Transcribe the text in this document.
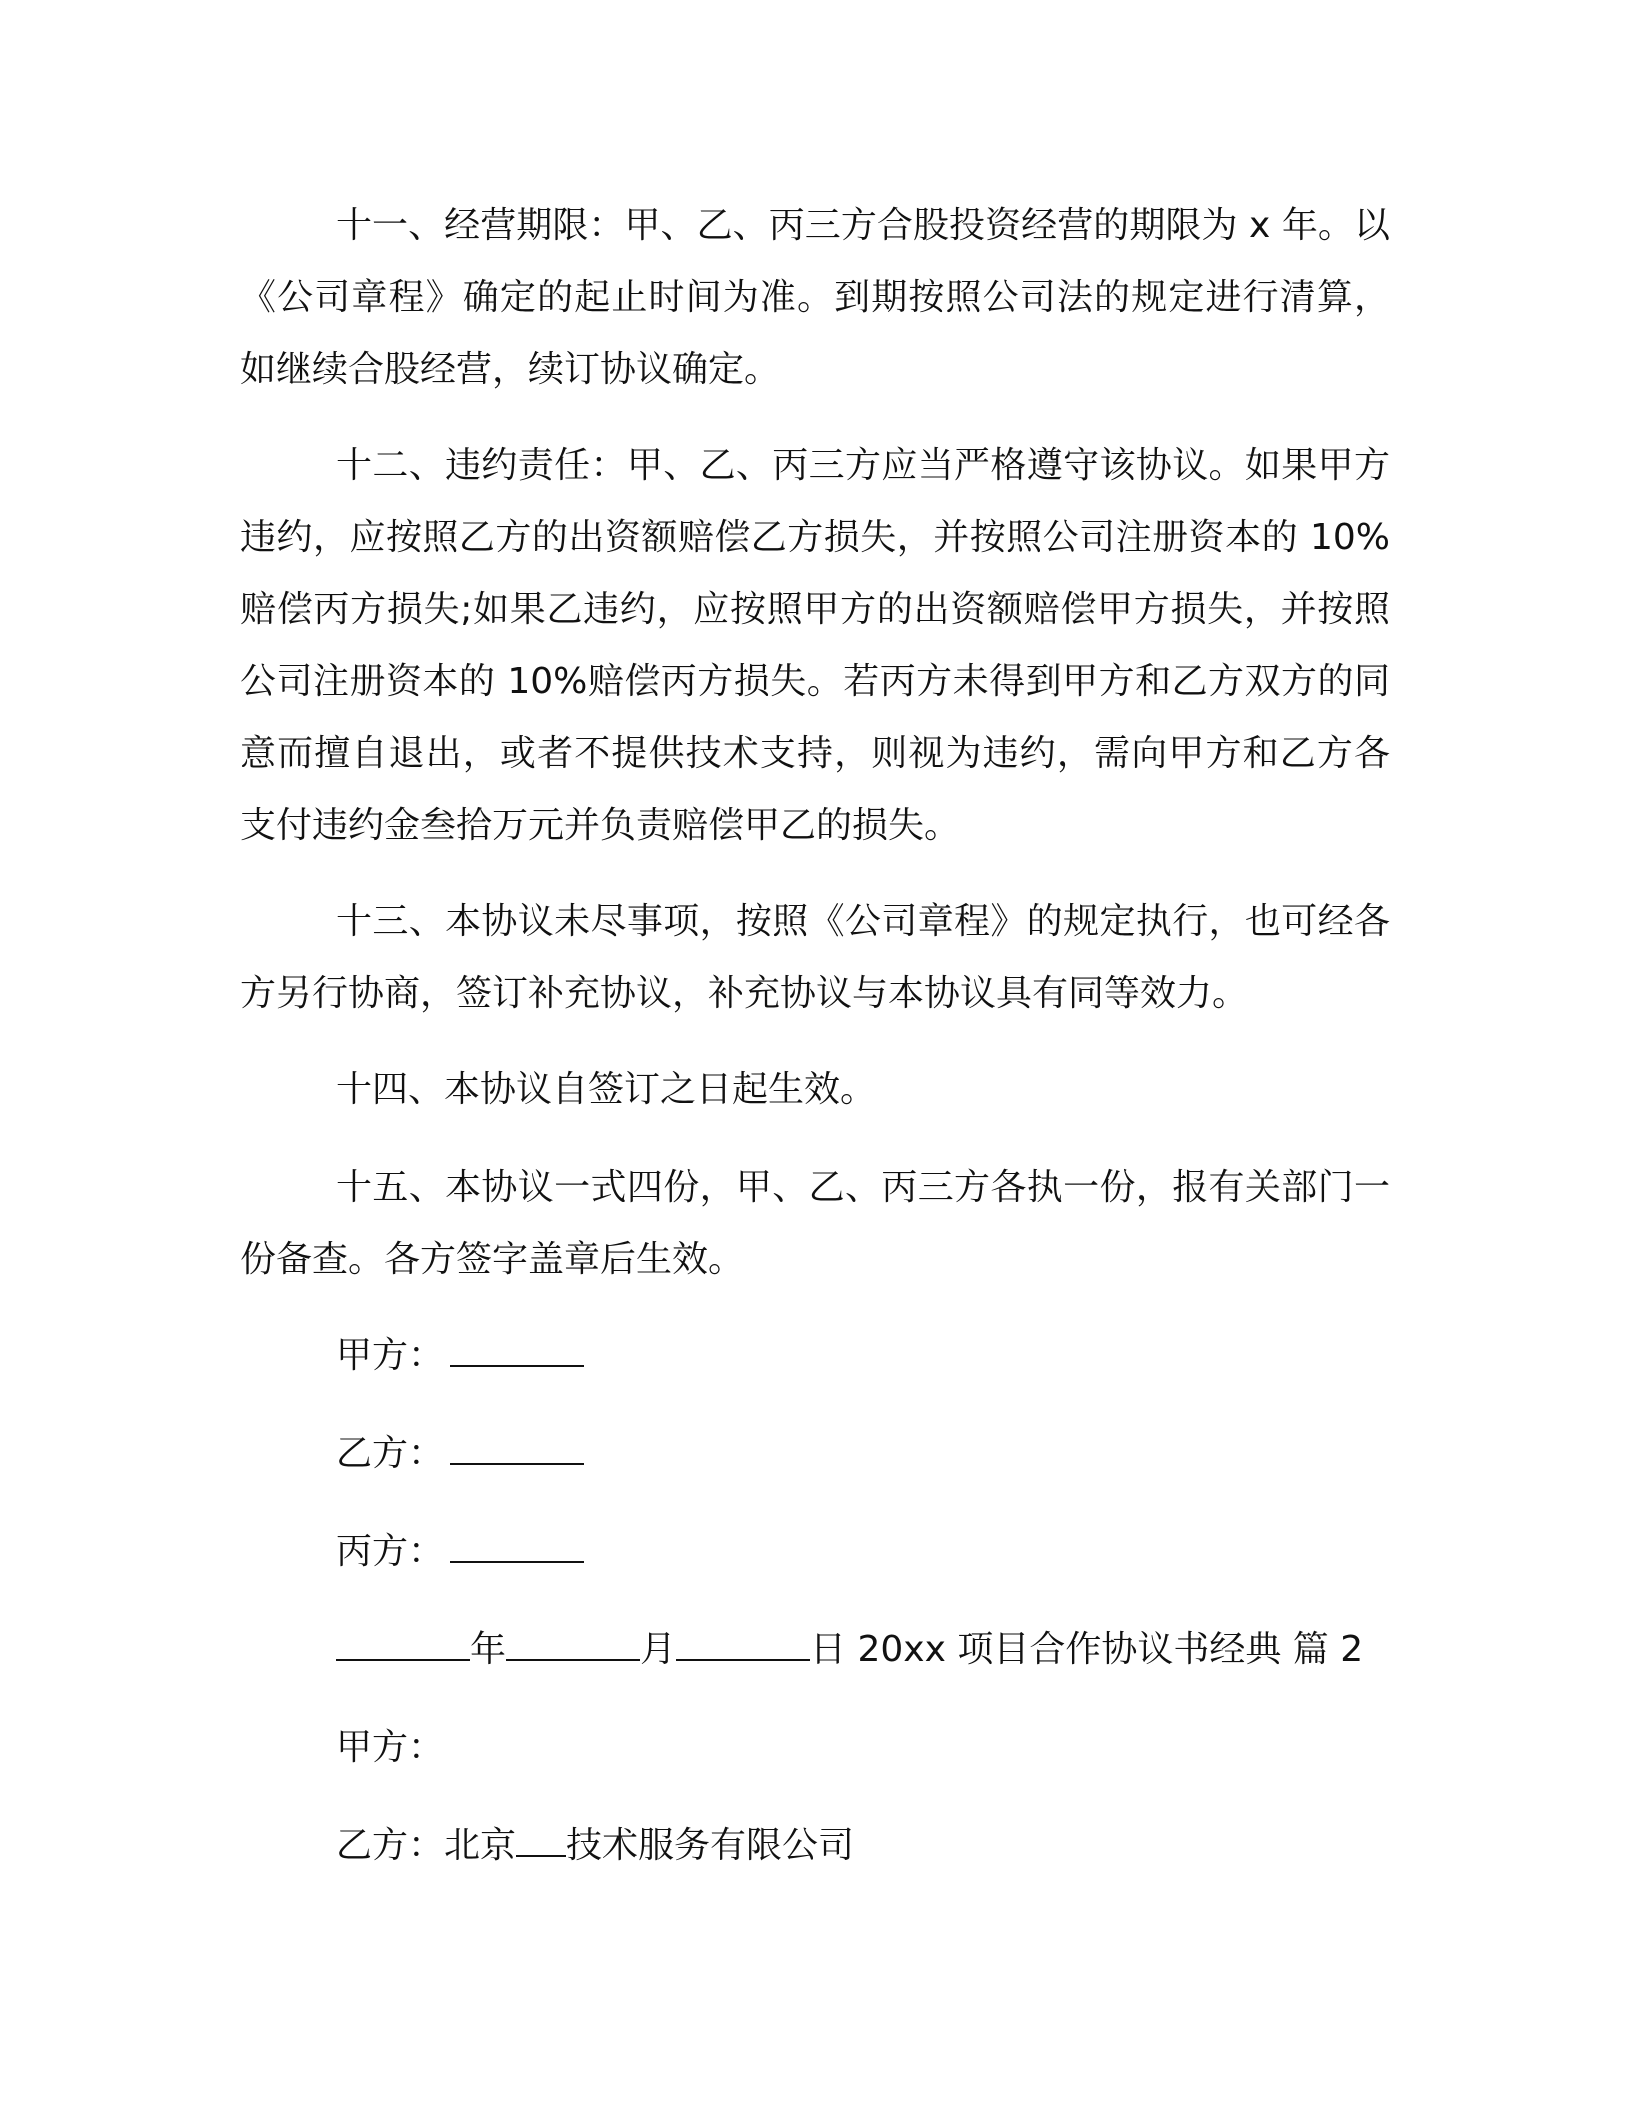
十一、经营期限：甲、乙、丙三方合股投资经营的期限为 x 年。以《公司章程》确定的起止时间为准。到期按照公司法的规定进行清算，如继续合股经营，续订协议确定。

十二、违约责任：甲、乙、丙三方应当严格遵守该协议。如果甲方违约，应按照乙方的出资额赔偿乙方损失，并按照公司注册资本的 10%赔偿丙方损失;如果乙违约，应按照甲方的出资额赔偿甲方损失，并按照公司注册资本的 10%赔偿丙方损失。若丙方未得到甲方和乙方双方的同意而擅自退出，或者不提供技术支持，则视为违约，需向甲方和乙方各支付违约金叁拾万元并负责赔偿甲乙的损失。

十三、本协议未尽事项，按照《公司章程》的规定执行，也可经各方另行协商，签订补充协议，补充协议与本协议具有同等效力。

十四、本协议自签订之日起生效。

十五、本协议一式四份，甲、乙、丙三方各执一份，报有关部门一份备查。各方签字盖章后生效。

甲方：
乙方：
丙方：
年	月	日 20xx 项目合作协议书经典 篇 2
甲方：
乙方：北京 技术服务有限公司
